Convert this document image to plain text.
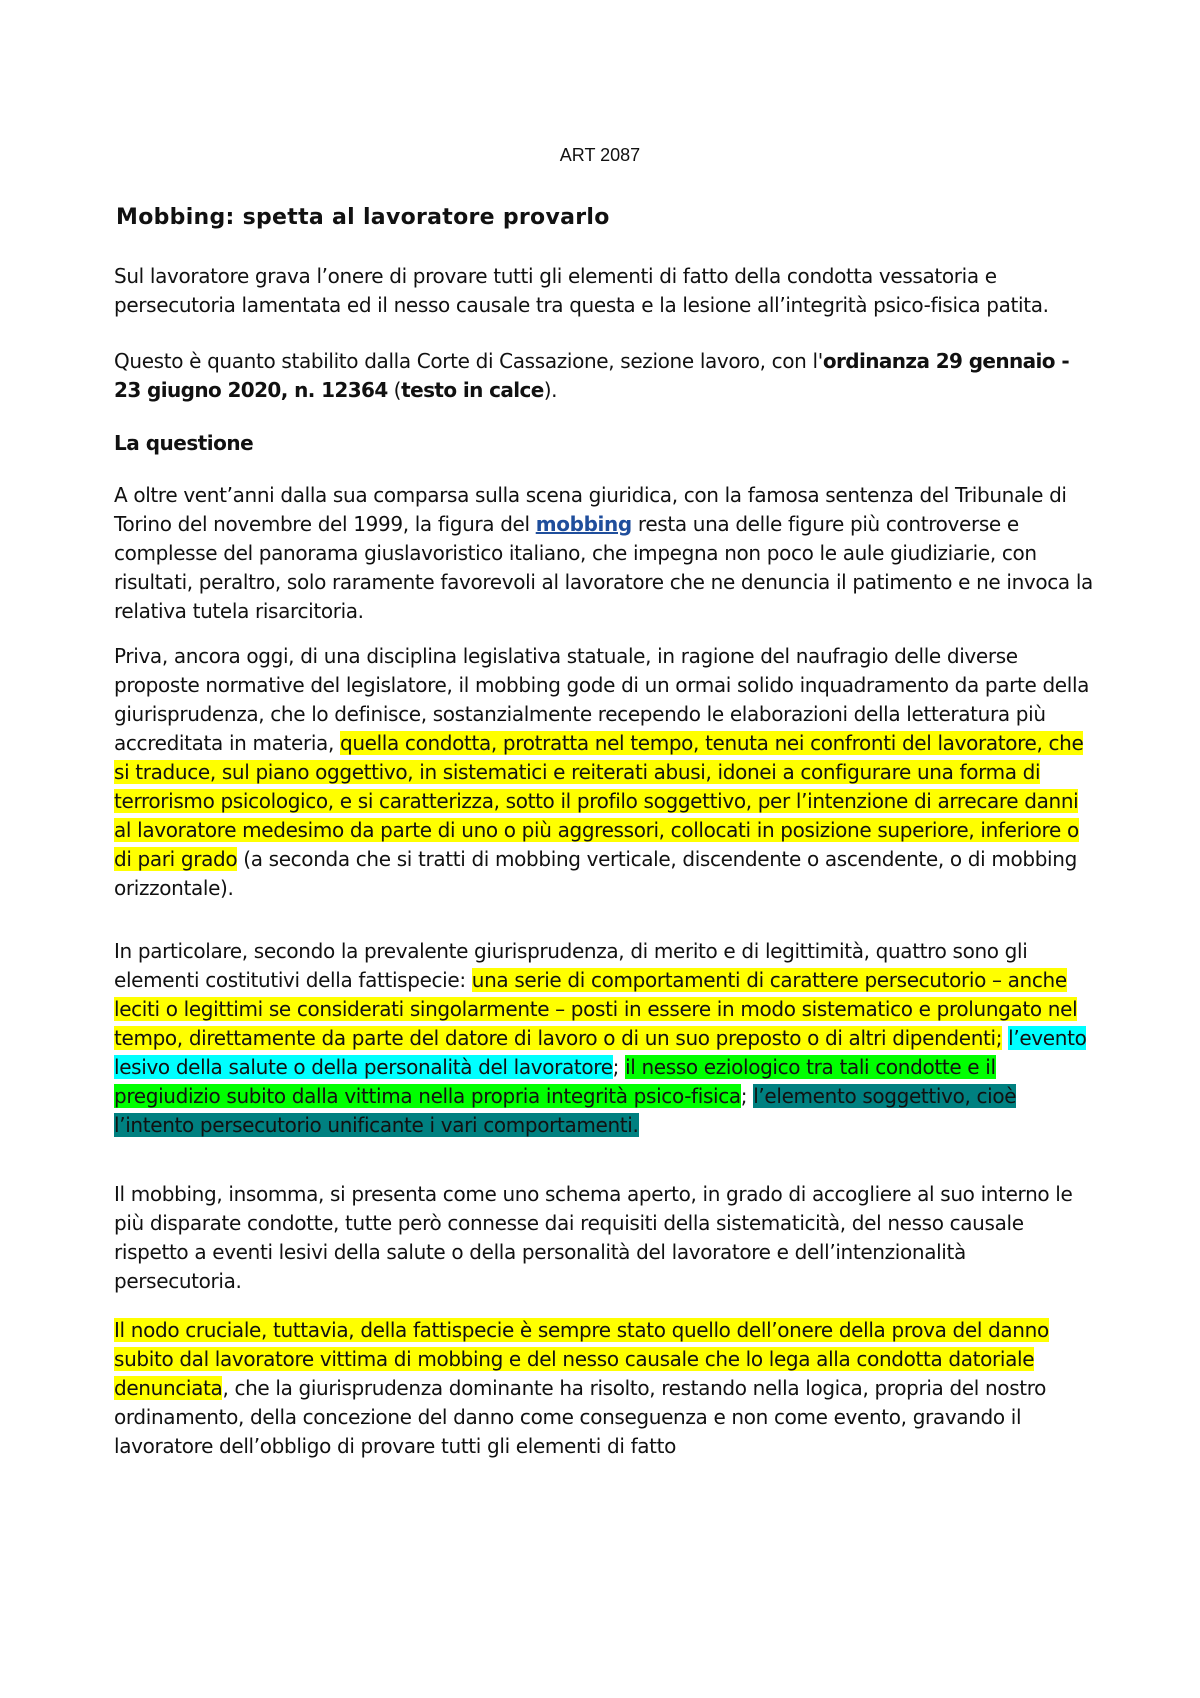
ART 2087
Mobbing: spetta al lavoratore provarlo

Sul lavoratore grava l’onere di provare tutti gli elementi di fatto della condotta vessatoria e persecutoria lamentata ed il nesso causale tra questa e la lesione all’integrità psico-fisica patita.

Questo è quanto stabilito dalla Corte di Cassazione, sezione lavoro, con l'ordinanza 29 gennaio - 23 giugno 2020, n. 12364 (testo in calce).

La questione

A oltre vent’anni dalla sua comparsa sulla scena giuridica, con la famosa sentenza del Tribunale di Torino del novembre del 1999, la figura del mobbing resta una delle figure più controverse e complesse del panorama giuslavoristico italiano, che impegna non poco le aule giudiziarie, con risultati, peraltro, solo raramente favorevoli al lavoratore che ne denuncia il patimento e ne invoca la relativa tutela risarcitoria.

Priva, ancora oggi, di una disciplina legislativa statuale, in ragione del naufragio delle diverse proposte normative del legislatore, il mobbing gode di un ormai solido inquadramento da parte della giurisprudenza, che lo definisce, sostanzialmente recependo le elaborazioni della letteratura più accreditata in materia, quella condotta, protratta nel tempo, tenuta nei confronti del lavoratore, che si traduce, sul piano oggettivo, in sistematici e reiterati abusi, idonei a configurare una forma di terrorismo psicologico, e si caratterizza, sotto il profilo soggettivo, per l’intenzione di arrecare danni al lavoratore medesimo da parte di uno o più aggressori, collocati in posizione superiore, inferiore o di pari grado (a seconda che si tratti di mobbing verticale, discendente o ascendente, o di mobbing orizzontale).

In particolare, secondo la prevalente giurisprudenza, di merito e di legittimità, quattro sono gli elementi costitutivi della fattispecie: una serie di comportamenti di carattere persecutorio – anche leciti o legittimi se considerati singolarmente – posti in essere in modo sistematico e prolungato nel tempo, direttamente da parte del datore di lavoro o di un suo preposto o di altri dipendenti; l’evento lesivo della salute o della personalità del lavoratore; il nesso eziologico tra tali condotte e il pregiudizio subito dalla vittima nella propria integrità psico-fisica; l’elemento soggettivo, cioè l’intento persecutorio unificante i vari comportamenti.

Il mobbing, insomma, si presenta come uno schema aperto, in grado di accogliere al suo interno le più disparate condotte, tutte però connesse dai requisiti della sistematicità, del nesso causale rispetto a eventi lesivi della salute o della personalità del lavoratore e dell’intenzionalità persecutoria.

Il nodo cruciale, tuttavia, della fattispecie è sempre stato quello dell’onere della prova del danno subito dal lavoratore vittima di mobbing e del nesso causale che lo lega alla condotta datoriale denunciata, che la giurisprudenza dominante ha risolto, restando nella logica, propria del nostro ordinamento, della concezione del danno come conseguenza e non come evento, gravando il lavoratore dell’obbligo di provare tutti gli elementi di fatto
